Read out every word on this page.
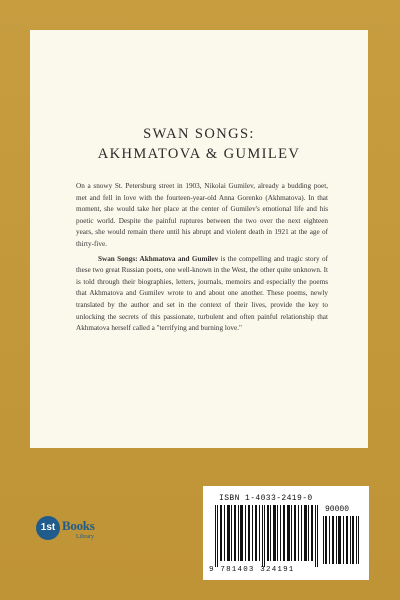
SWAN SONGS:
AKHMATOVA & GUMILEV

On a snowy St. Petersburg street in 1903, Nikolai Gumilev, already a budding poet, met and fell in love with the fourteen-year-old Anna Gorenko (Akhmatova). In that moment, she would take her place at the center of Gumilev's emotional life and his poetic world. Despite the painful ruptures between the two over the next eighteen years, she would remain there until his abrupt and violent death in 1921 at the age of thirty-five.

Swan Songs: Akhmatova and Gumilev is the compelling and tragic story of these two great Russian poets, one well-known in the West, the other quite unknown. It is told through their biographies, letters, journals, memoirs and especially the poems that Akhmatova and Gumilev wrote to and about one another. These poems, newly translated by the author and set in the context of their lives, provide the key to unlocking the secrets of this passionate, turbulent and often painful relationship that Akhmatova herself called a "terrifying and burning love."

1st Books
Library
ISBN 1-4033-2419-0
90000
9 781403 324191
